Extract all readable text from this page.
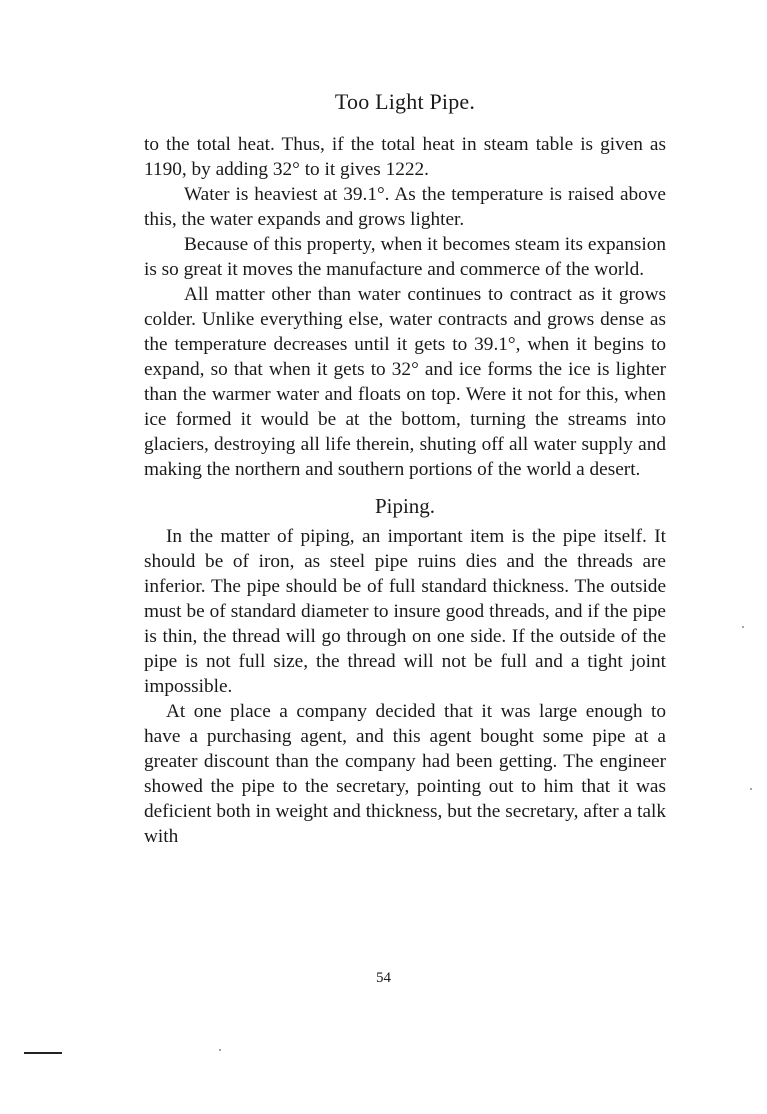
Too Light Pipe.

to the total heat. Thus, if the total heat in steam table is given as 1190, by adding 32° to it gives 1222.

Water is heaviest at 39.1°. As the temperature is raised above this, the water expands and grows lighter.

Because of this property, when it becomes steam its expansion is so great it moves the manufacture and commerce of the world.

All matter other than water continues to contract as it grows colder. Unlike everything else, water contracts and grows dense as the temperature decreases until it gets to 39.1°, when it begins to expand, so that when it gets to 32° and ice forms the ice is lighter than the warmer water and floats on top. Were it not for this, when ice formed it would be at the bottom, turning the streams into glaciers, destroying all life therein, shuting off all water supply and making the northern and southern portions of the world a desert.

Piping.

In the matter of piping, an important item is the pipe itself. It should be of iron, as steel pipe ruins dies and the threads are inferior. The pipe should be of full standard thickness. The outside must be of standard diameter to insure good threads, and if the pipe is thin, the thread will go through on one side. If the outside of the pipe is not full size, the thread will not be full and a tight joint impossible.

At one place a company decided that it was large enough to have a purchasing agent, and this agent bought some pipe at a greater discount than the company had been getting. The engineer showed the pipe to the secretary, pointing out to him that it was deficient both in weight and thickness, but the secretary, after a talk with

54
